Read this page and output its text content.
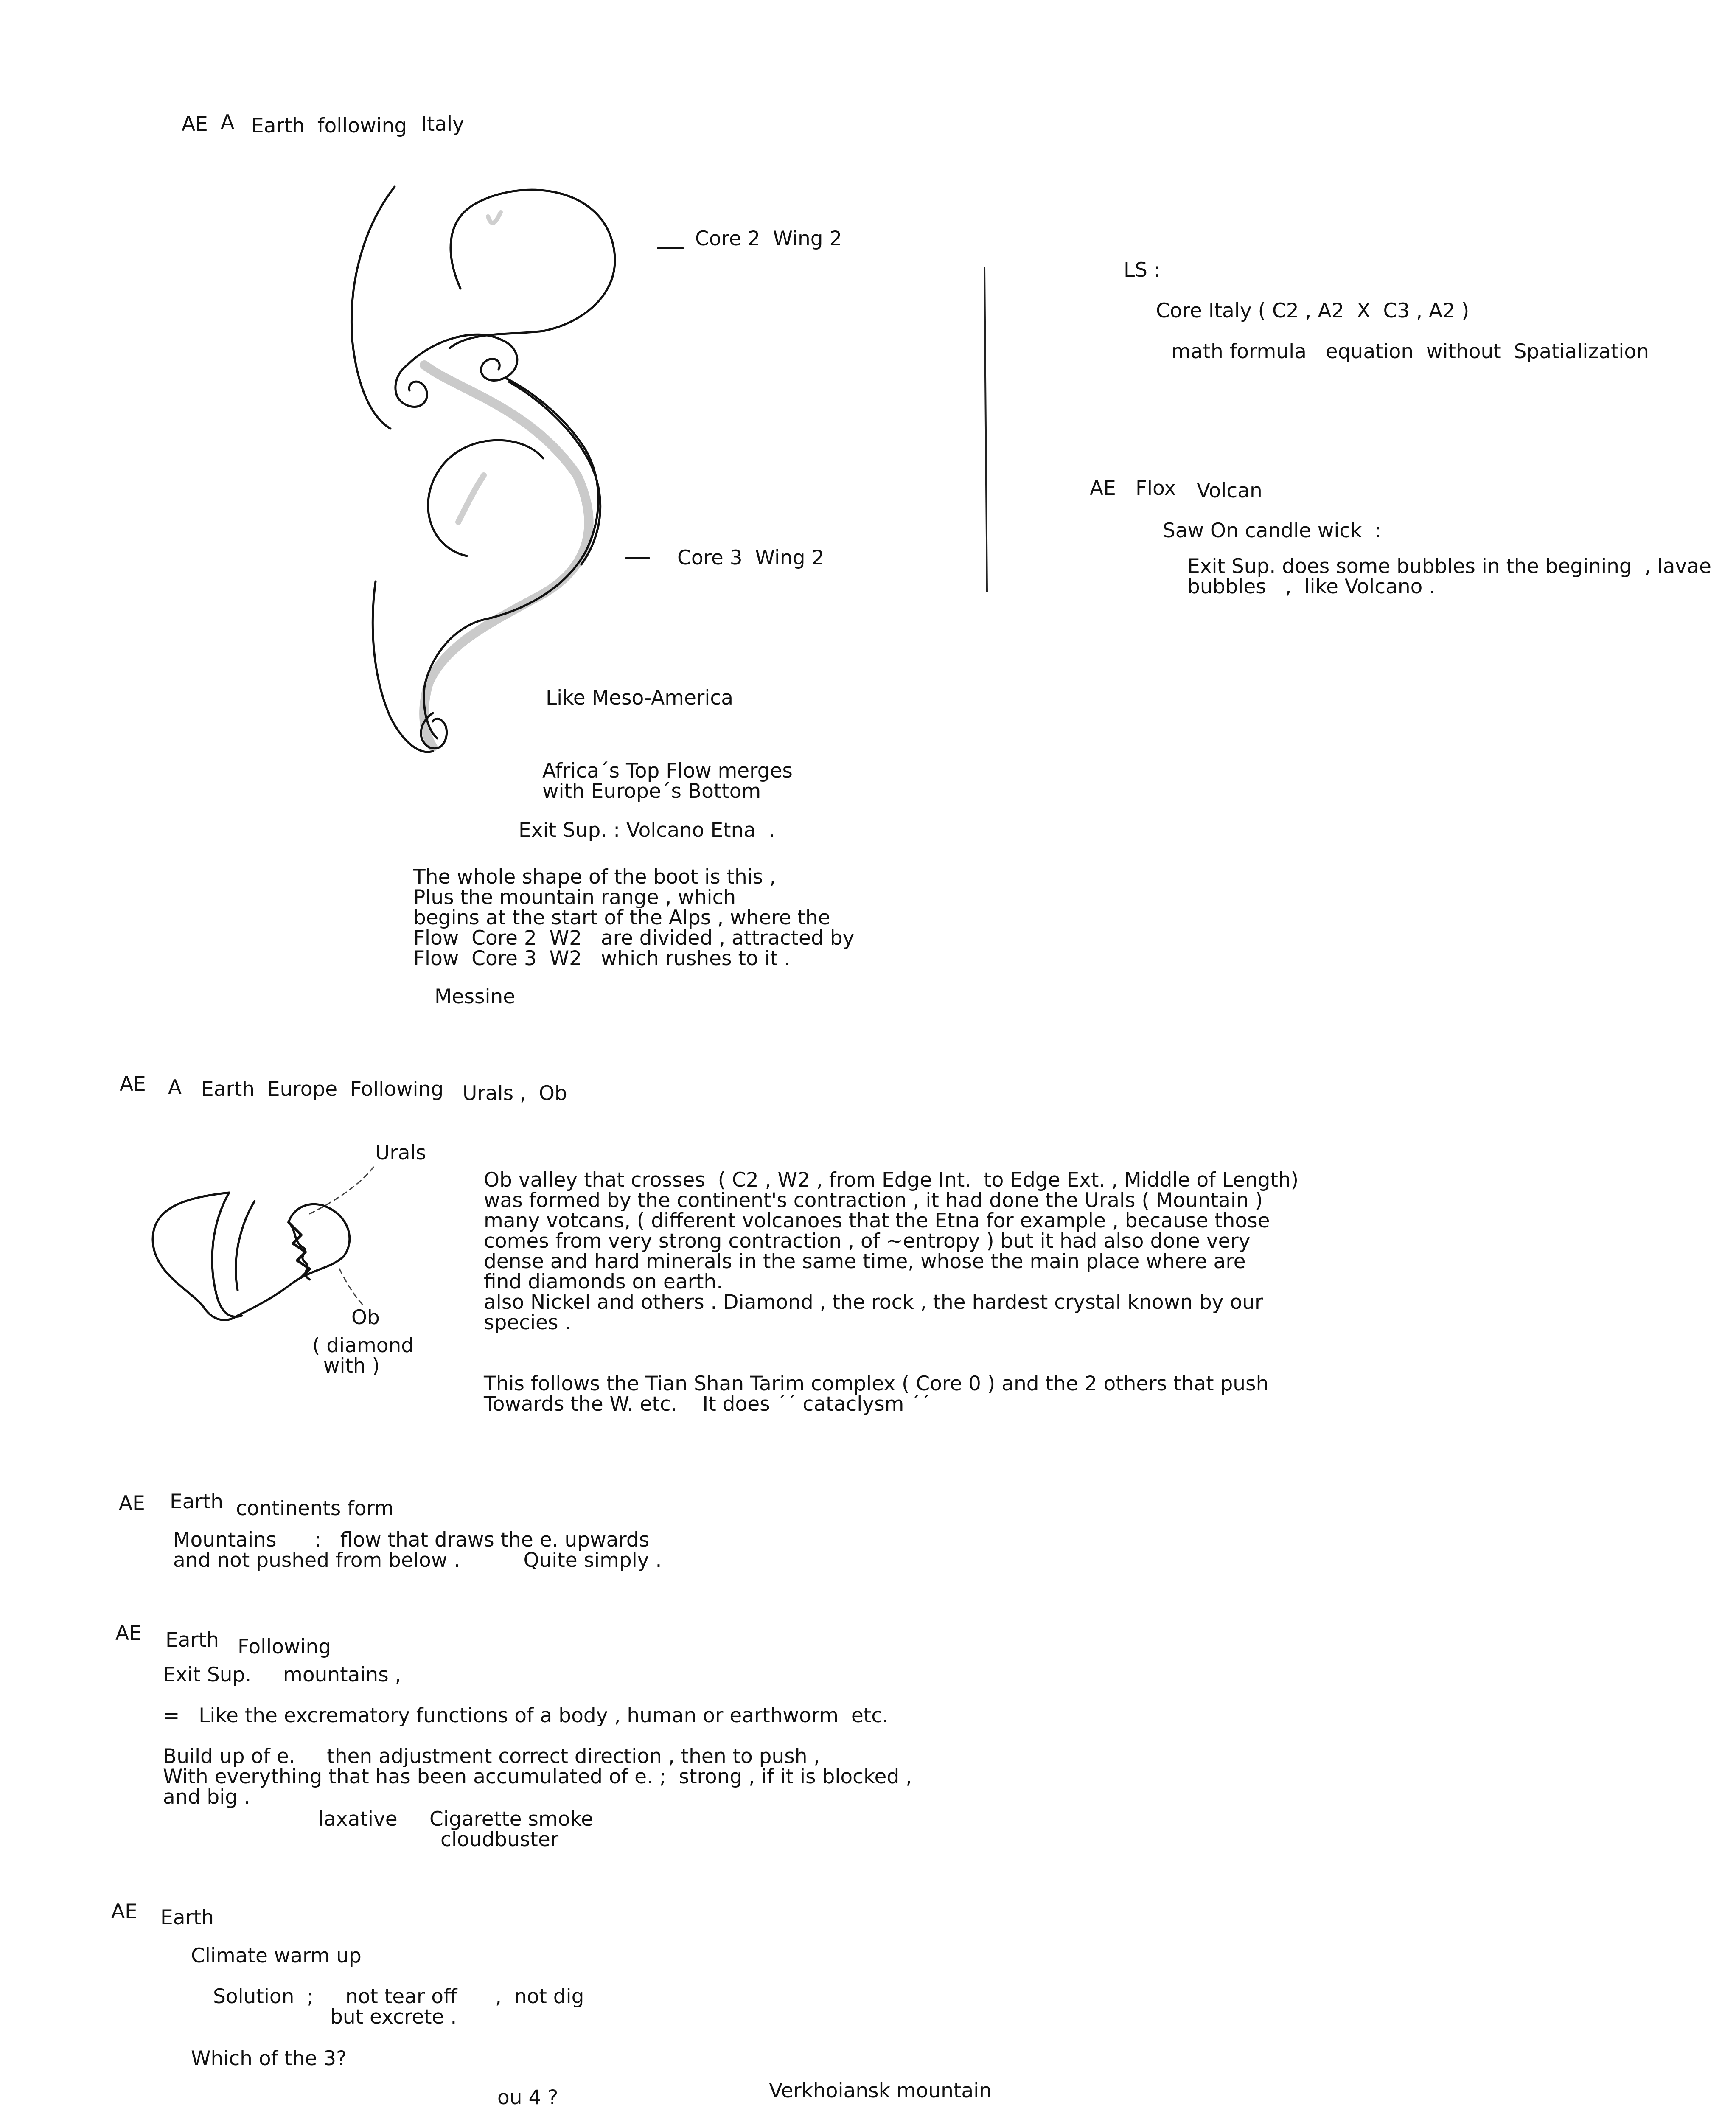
AE A Earth  following Italy
Core 2  Wing 2
Core 3  Wing 2
Like Meso-America
Africa´s Top Flow merges
with Europe´s Bottom
Exit Sup. : Volcano Etna  .
The whole shape of the boot is this ,
Plus the mountain range , which
begins at the start of the Alps , where the
Flow  Core 2  W2   are divided , attracted by
Flow  Core 3  W2   which rushes to it .
Messine
LS :
Core Italy ( C2 , A2  X  C3 , A2 )
math formula   equation  without  Spatialization
AE Flox Volcan
Saw On candle wick  :
Exit Sup. does some bubbles in the begining  , lavae
bubbles   ,  like Volcano .
AE A Earth  Europe  Following Urals ,  Ob
Urals
Ob
( diamond
with )
Ob valley that crosses  ( C2 , W2 , from Edge Int.  to Edge Ext. , Middle of Length)
was formed by the continent's contraction , it had done the Urals ( Mountain )
many votcans, ( different volcanoes that the Etna for example , because those
comes from very strong contraction , of ~entropy ) but it had also done very
dense and hard minerals in the same time, whose the main place where are
find diamonds on earth.
also Nickel and others . Diamond , the rock , the hardest crystal known by our
species .
This follows the Tian Shan Tarim complex ( Core 0 ) and the 2 others that push
Towards the W. etc.    It does ´´ cataclysm ´´
AE Earth continents form
Mountains      :   flow that draws the e. upwards
and not pushed from below .          Quite simply .
AE Earth Following
Exit Sup.     mountains ,
=   Like the excrematory functions of a body , human or earthworm  etc.
Build up of e.     then adjustment correct direction , then to push ,
With everything that has been accumulated of e. ;  strong , if it is blocked ,
and big .
laxative Cigarette smoke
cloudbuster
AE Earth
Climate warm up
Solution  ;     not tear off      ,  not dig
but excrete .
Which of the 3?
ou 4 ?	Verkhoiansk mountain
